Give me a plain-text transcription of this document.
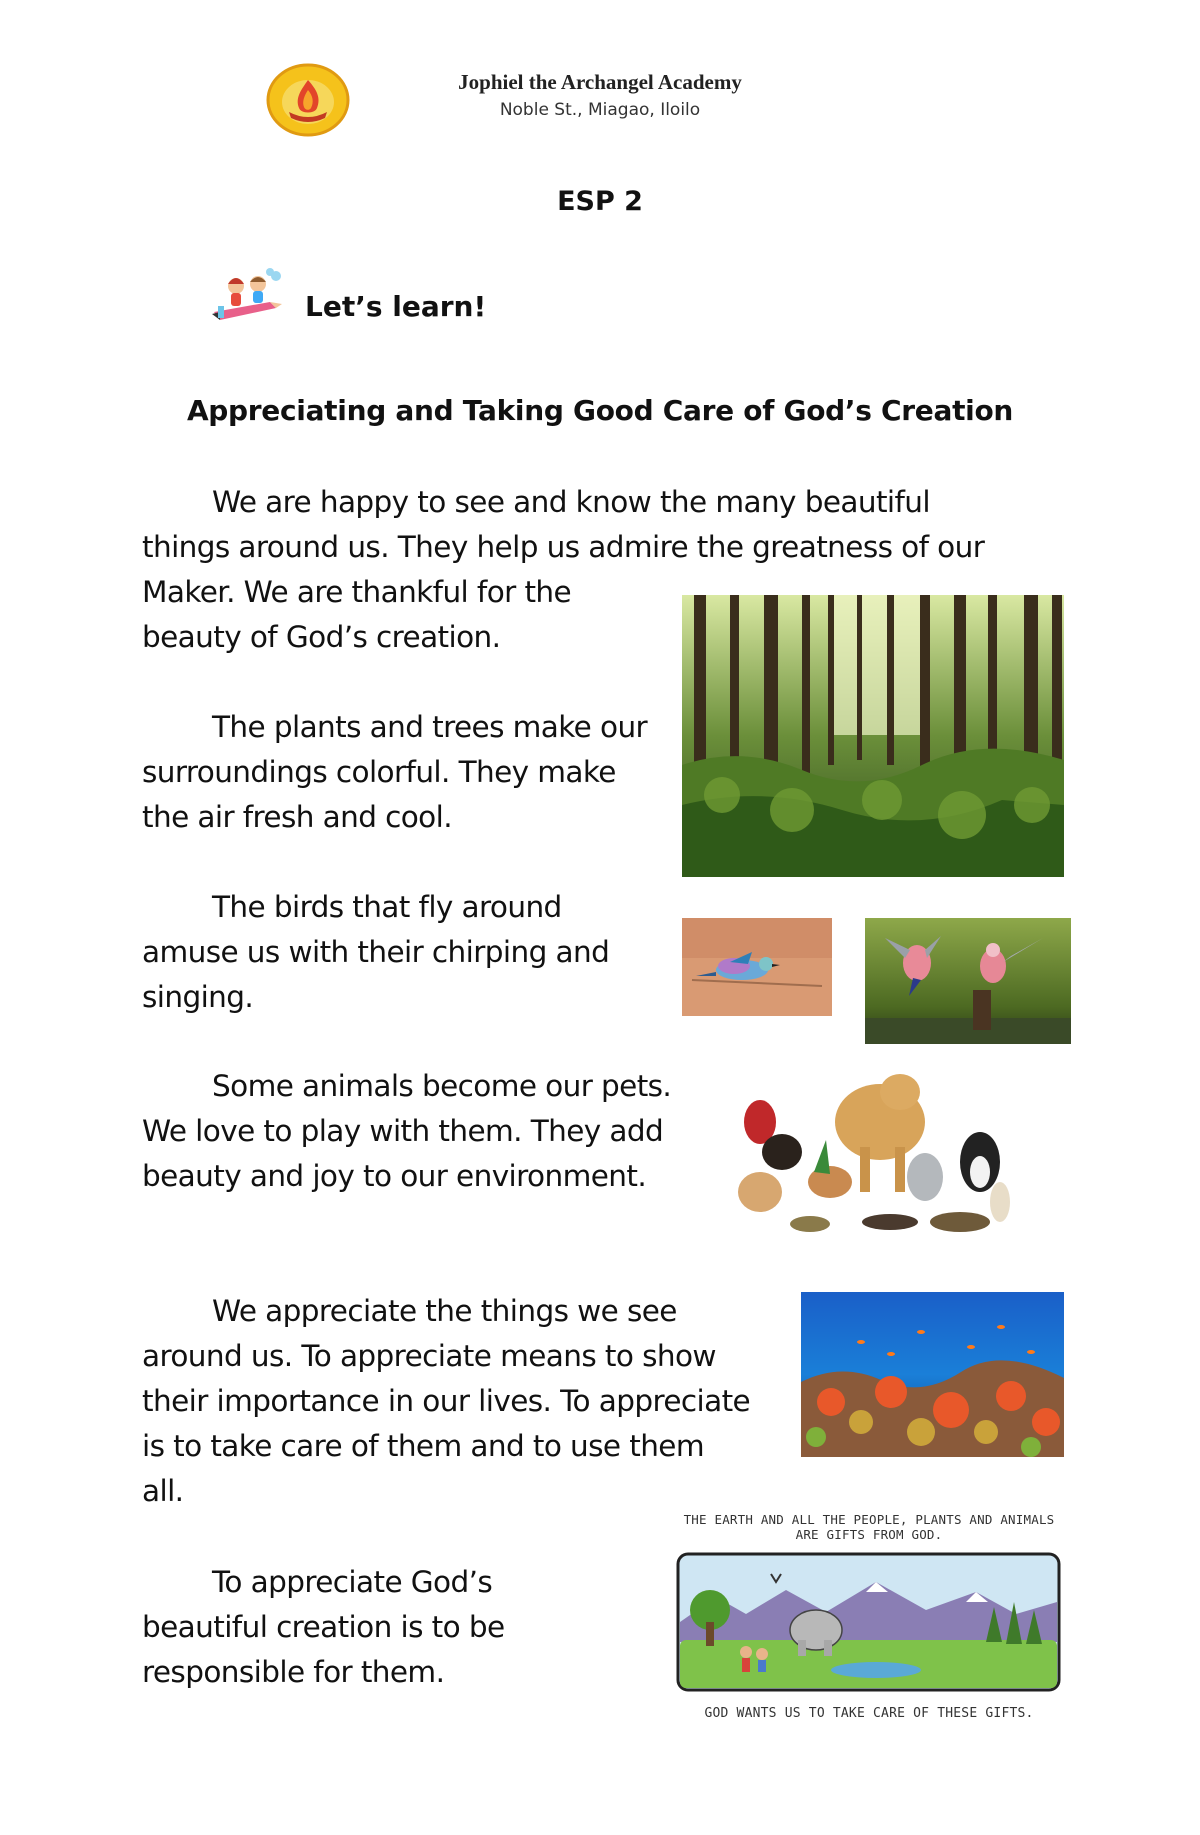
Jophiel the Archangel Academy
Noble St., Miagao, Iloilo
ESP 2
Let’s learn!
Appreciating and Taking Good Care of God’s Creation
We are happy to see and know the many beautiful
things around us. They help us admire the greatness of our
Maker. We are thankful for the
beauty of God’s creation.
The plants and trees make our
surroundings colorful. They make
the air fresh and cool.
The birds that fly around
amuse us with their chirping and
singing.
Some animals become our pets.
We love to play with them. They add
beauty and joy to our environment.
We appreciate the things we see
around us. To appreciate means to show
their importance in our lives. To appreciate
is to take care of them and to use them
all.
To appreciate God’s
beautiful creation is to be
responsible for them.
THE EARTH AND ALL THE PEOPLE, PLANTS AND ANIMALS
ARE GIFTS FROM GOD.
GOD WANTS US TO TAKE CARE OF THESE GIFTS.
